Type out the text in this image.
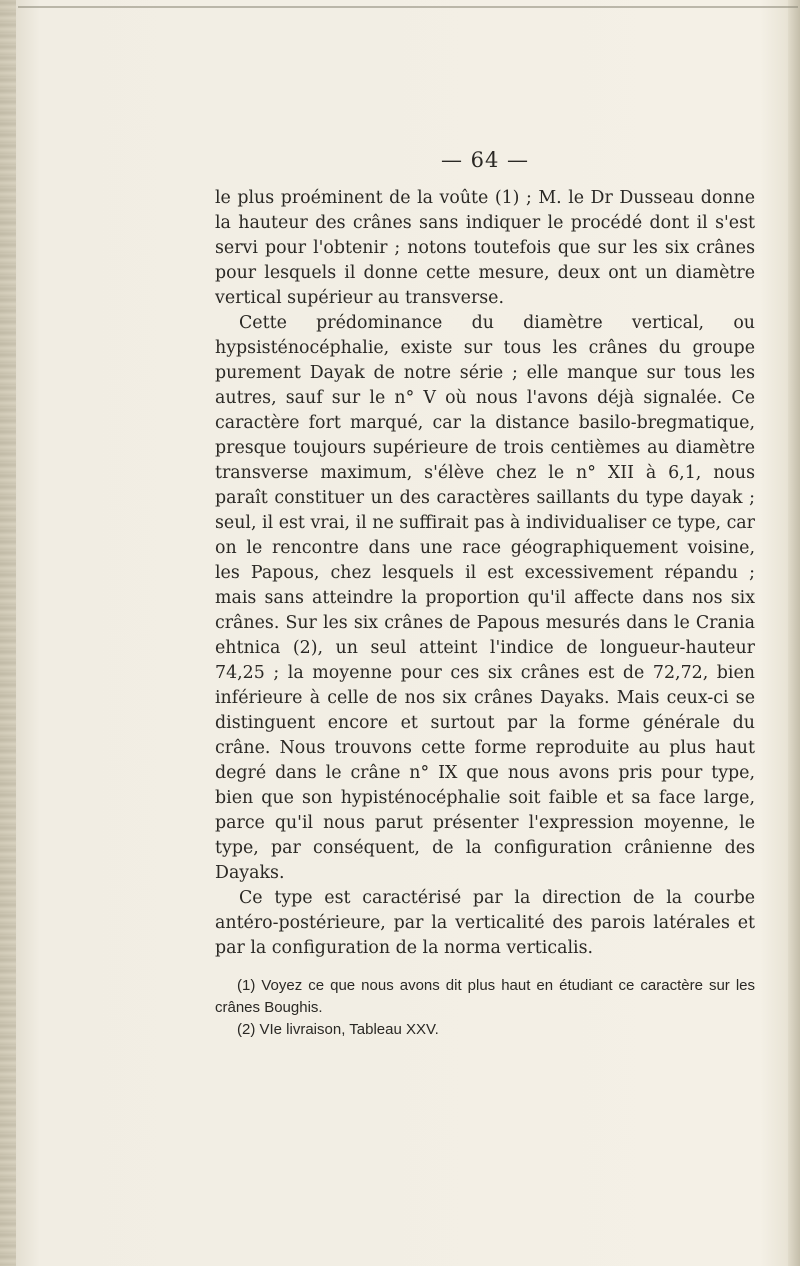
— 64 —

le plus proéminent de la voûte (1) ; M. le Dr Dusseau donne la hauteur des crânes sans indiquer le procédé dont il s'est servi pour l'obtenir ; notons toutefois que sur les six crânes pour lesquels il donne cette mesure, deux ont un diamètre vertical supérieur au transverse.

Cette prédominance du diamètre vertical, ou hypsisténocéphalie, existe sur tous les crânes du groupe purement Dayak de notre série ; elle manque sur tous les autres, sauf sur le n° V où nous l'avons déjà signalée. Ce caractère fort marqué, car la distance basilo-bregmatique, presque toujours supérieure de trois centièmes au diamètre transverse maximum, s'élève chez le n° XII à 6,1, nous paraît constituer un des caractères saillants du type dayak ; seul, il est vrai, il ne suffirait pas à individualiser ce type, car on le rencontre dans une race géographiquement voisine, les Papous, chez lesquels il est excessivement répandu ; mais sans atteindre la proportion qu'il affecte dans nos six crânes. Sur les six crânes de Papous mesurés dans le Crania ehtnica (2), un seul atteint l'indice de longueur-hauteur 74,25 ; la moyenne pour ces six crânes est de 72,72, bien inférieure à celle de nos six crânes Dayaks. Mais ceux-ci se distinguent encore et surtout par la forme générale du crâne. Nous trouvons cette forme reproduite au plus haut degré dans le crâne n° IX que nous avons pris pour type, bien que son hypisténocéphalie soit faible et sa face large, parce qu'il nous parut présenter l'expression moyenne, le type, par conséquent, de la configuration crânienne des Dayaks.

Ce type est caractérisé par la direction de la courbe antéro-postérieure, par la verticalité des parois latérales et par la configuration de la norma verticalis.

(1) Voyez ce que nous avons dit plus haut en étudiant ce caractère sur les crânes Boughis.

(2) VIe livraison, Tableau XXV.
